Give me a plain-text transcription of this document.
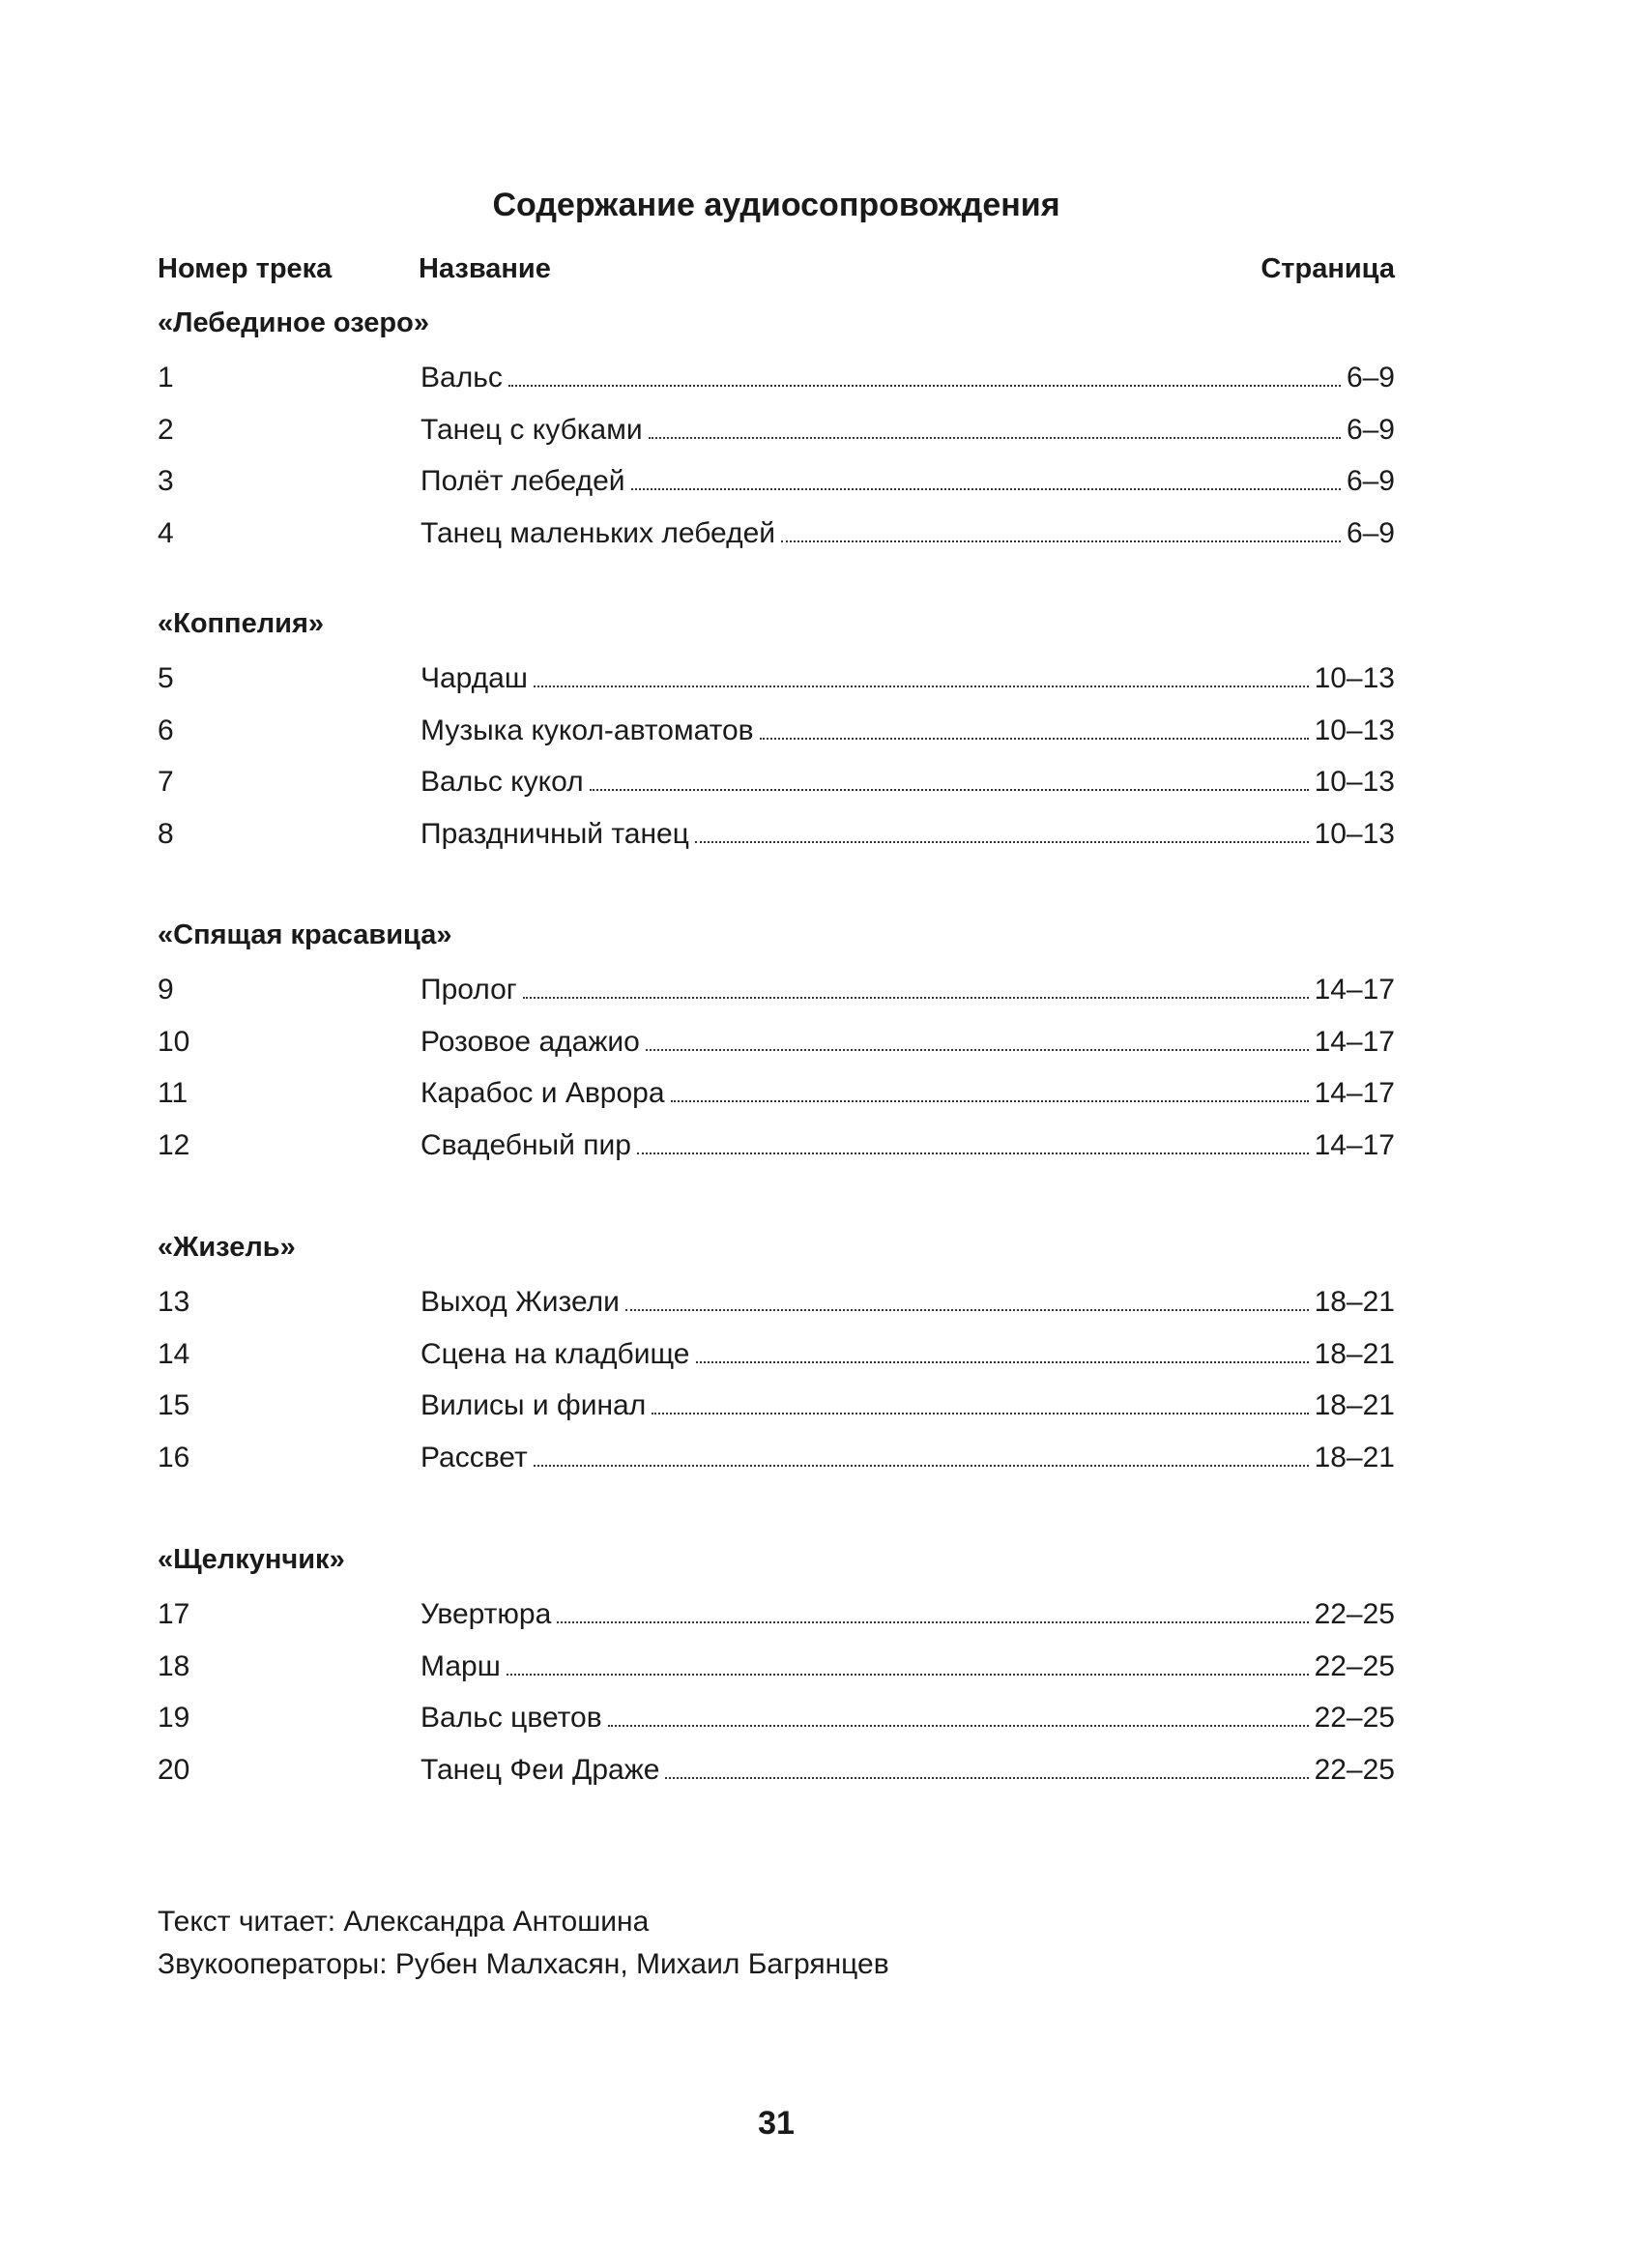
Содержание аудиосопровождения
Номер трека	Название	Страница
«Лебединое озеро»
1	Вальс	6–9
2	Танец с кубками	6–9
3	Полёт лебедей	6–9
4	Танец маленьких лебедей	6–9
«Коппелия»
5	Чардаш	10–13
6	Музыка кукол-автоматов	10–13
7	Вальс кукол	10–13
8	Праздничный танец	10–13
«Спящая красавица»
9	Пролог	14–17
10	Розовое адажио	14–17
11	Карабос и Аврора	14–17
12	Свадебный пир	14–17
«Жизель»
13	Выход Жизели	18–21
14	Сцена на кладбище	18–21
15	Вилисы и финал	18–21
16	Рассвет	18–21
«Щелкунчик»
17	Увертюра	22–25
18	Марш	22–25
19	Вальс цветов	22–25
20	Танец Феи Драже	22–25
Текст читает: Александра Антошина
Звукооператоры: Рубен Малхасян, Михаил Багрянцев
31
